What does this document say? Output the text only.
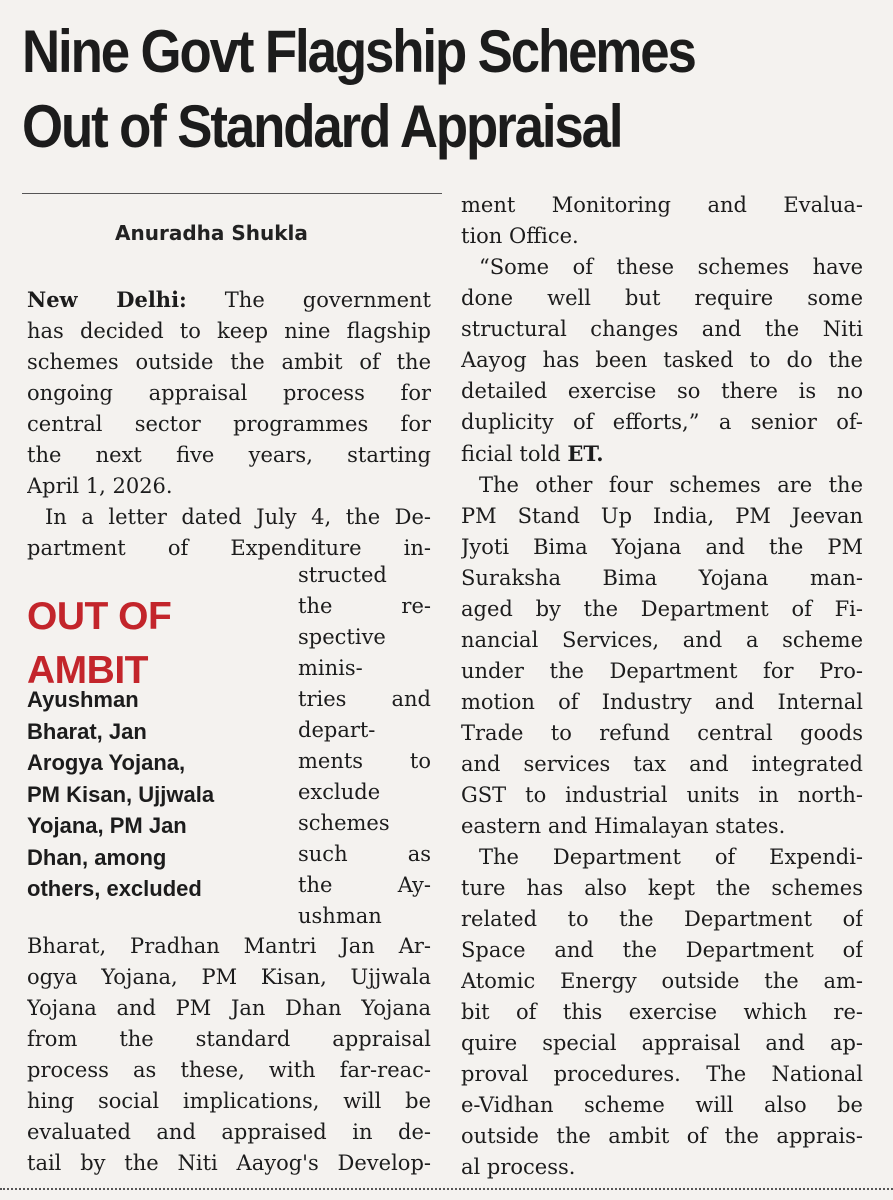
Nine Govt Flagship Schemes
Out of Standard Appraisal
Anuradha Shukla
New Delhi: The government
has decided to keep nine flagship
schemes outside the ambit of the
ongoing appraisal process for
central sector programmes for
the next five years, starting
April 1, 2026.
In a letter dated July 4, the De-
partment of Expenditure in-
OUT OF
AMBIT
Ayushman
Bharat, Jan
Arogya Yojana,
PM Kisan, Ujjwala
Yojana, PM Jan
Dhan, among
others, excluded
structed
the re-
spective
minis-
tries and
depart-
ments to
exclude
schemes
such as
the Ay-
ushman
Bharat, Pradhan Mantri Jan Ar-
ogya Yojana, PM Kisan, Ujjwala
Yojana and PM Jan Dhan Yojana
from the standard appraisal
process as these, with far-reac-
hing social implications, will be
evaluated and appraised in de-
tail by the Niti Aayog's Develop-
ment Monitoring and Evalua-
tion Office.
“Some of these schemes have
done well but require some
structural changes and the Niti
Aayog has been tasked to do the
detailed exercise so there is no
duplicity of efforts,” a senior of-
ficial told ET.
The other four schemes are the
PM Stand Up India, PM Jeevan
Jyoti Bima Yojana and the PM
Suraksha Bima Yojana man-
aged by the Department of Fi-
nancial Services, and a scheme
under the Department for Pro-
motion of Industry and Internal
Trade to refund central goods
and services tax and integrated
GST to industrial units in north-
eastern and Himalayan states.
The Department of Expendi-
ture has also kept the schemes
related to the Department of
Space and the Department of
Atomic Energy outside the am-
bit of this exercise which re-
quire special appraisal and ap-
proval procedures. The National
e-Vidhan scheme will also be
outside the ambit of the apprais-
al process.
